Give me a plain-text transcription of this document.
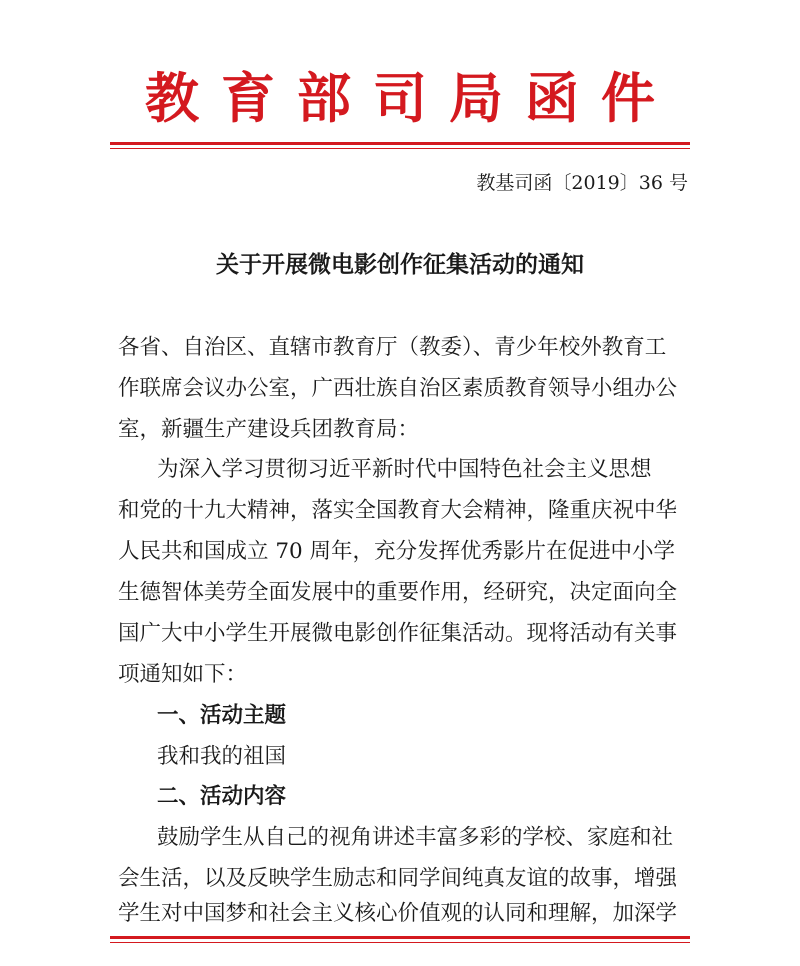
教育部司局函件
教基司函〔2019〕36 号
关于开展微电影创作征集活动的通知
各省、自治区、直辖市教育厅（教委）、青少年校外教育工
作联席会议办公室，广西壮族自治区素质教育领导小组办公
室，新疆生产建设兵团教育局：
为深入学习贯彻习近平新时代中国特色社会主义思想
和党的十九大精神，落实全国教育大会精神，隆重庆祝中华
人民共和国成立 70 周年，充分发挥优秀影片在促进中小学
生德智体美劳全面发展中的重要作用，经研究，决定面向全
国广大中小学生开展微电影创作征集活动。现将活动有关事
项通知如下：
一、活动主题
我和我的祖国
二、活动内容
鼓励学生从自己的视角讲述丰富多彩的学校、家庭和社
会生活，以及反映学生励志和同学间纯真友谊的故事，增强
学生对中国梦和社会主义核心价值观的认同和理解，加深学
